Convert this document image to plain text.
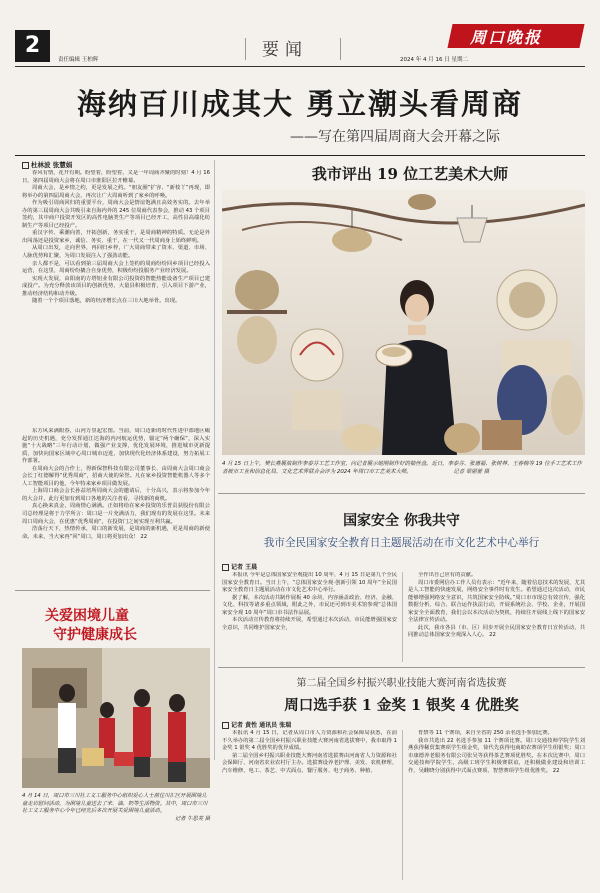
2
责任编辑 王柏辉	要闻	2024 年 4 月 16 日 星期二
周口晚报
海纳百川成其大 勇立潮头看周商
——写在第四届周商大会开幕之际
杜林波 张慧娟

春风有情，花开有期。盼望着，盼望着，又是一年周商齐聚的时刻！4 月 16 日，第四届周商大会将在周口市淮阳区拉开帷幕。

周商大会，是乡情之约，更是发展之约。“朋友圈”扩容、“新枝丫”再现，即将举办的第四届周商大会，再次让广大周商听到了家乡的呼唤。

作为吸引周商回归的重要平台，周商大会是情谊饱满且高效务实的。去年举办的第三届周商大会共吸引来自海内外的 245 位周商代表参会，推动 43 个项目签约，其中商户投资开发区的高性电脑类生产等项目已经开工，高性县高端化纺制生产等项目已经投产。

重汉字传、乘潮向善，开拓创新，务实重干，是周商精神的特质。无论是外出闯荡还是投资家乡，诚信、务实、重干，在一代又一代周商身上始终鲜明。

从周口出发，走向世界，再回归乡梓，广大周商带来了资本、渠道、市场、人脉优势和汇聚，为周口发展注入了强劲动能。

亲人都不是，可以看到第三届周商大会上签约的周商纷纷回乡项目已经投入运营，在这里，周商纷纷撬合自身优势，积极纷纷投服务产业经济发展。

实现大发展，由阳南的方塔铝业有限公司投资的智能热能设备生产项目已建成投产。为充分释放该项目的创新优势，大量县积极培育，引入项目下游产业，推动经济结构和动升级。

随着一个个项目落地，新的经济增长点在三川大地举骨。出现。

东方风来满眼春，山河万里起宏图。当前，周口迈新的时代性进中部地区崛起的历史机遇，充分发挥通江达海的内河航运优势，锚定“两个确保”，深入实施“十大战略”三年行动计划，做强产业支撑，优化发展环境，推进城市更新提质，加快向国家区域中心周口城市迈进，加快现代化经济体系建设，努力拓展工作部署。

在周商大会的合作上，得新保智科技有限公司董事长、由周商大会周口商会会长丁红德解得“优秀周商”，招商大使的荣誉。凡在家乡投资智能机器人等多个人工智能项目的他，今年特来家乡项目做发展。

上海周口商会会长孙益培所周商大会的邀请后，十分高兴，表示将参加今年的大会并，此行更加有到周口各地的关注者看，寻找新的商机。

真心换来真金，周商情心满满。正如将给在家乡投资的乐普贡获股份有限公司总经理是将于力学所言：周口是一片充满活力，我们现有的发展在这里。未来周口周商大会，在优惠“优秀周商“，在投资门之间实现互利共赢。

浩荡行天下，热情传承，周口的新发展，是周商的新机遇，更是周商的新使命。未来，当大家再“回”周口，周口将更加出众！ 22

我市评出 19 位工艺美术大师
4 月 15 日上午，樊长燕展演制作李泰芬工艺工作室，向记者展示她刚制作好的抽丝盘。近日，李泰芬、张德福、张树莽、王春梅等 19 位手工艺术工作者被市工业和信息化局、文化艺术界联合会评为 2024 年周口市工艺美术大师。	记者 梁丽蕾 摄
国家安全 你我共守
我市全民国家安全教育日主题展活动在市文化艺术中心举行
记者 王晨

本报讯 今年是总体国家安全观提出 10 周年，4 月 15 日是第九个全民国家安全教育日。当日上午，“总体国家安全观·创新引领 10 周年”全民国家安全教育日主题展活动在市文化艺术中心举行。

据了解，本次活动共制作展板 40 余块，内容涵盖政治、经济、金融、文化、科技等诸多重点领域，附此之外，市民还可到市美术馆参观“总体国家安全观 10 周年”周口市书法作品展。

本次活动宣传教育将持续开展，希望通过本次活动，市民能增强国家安全意识，共同维护国家安全，

全作出自己应有的贡献。

周口市委网信办工作人员有表示：“近年来，随着信息技术的发展，尤其是人工智能的快速发展，网络安全事件时有发生。希望通过这次活动，市民能够增强网络安全意识，共筑国家安全防线。”周口市市现总有效宣传，强化数据分析、综合、联合运作执法行动，开展系统社会、学校、企业，开展国家安全全面教育，我们会以本次活动为契机，持续往开展线上线下的国家安全法律宣传活动。

此次，我市各县（市、区）同步开展全民国家安全教育日宣传活动，共同推动总体国家安全观深入人心。 22

第二届全国乡村振兴职业技能大赛河南省选拔赛
周口选手获 1 金奖 1 银奖 4 优胜奖
记者 黄性 通讯员 张瑞

本报讯 4 月 15 日，记者从周口市人力资源和社会保障局获悉，在前不久举办的第二届全国乡村振兴职业技能大赛河南省选拔赛中，我市取得 1 金奖 1 银奖 4 优胜奖的优异成绩。

第二届全国乡村振兴职业技能大赛河南省选拔赛由河南省人力资源和社会保障厅、河南省农业农村厅主办。选拔赛设养老护理、美发、农机修理、汽车维修、电工、茶艺、中式面点、餐厅服务、电子商务、种植、

育禁等 11 个赛项，来自全省的 250 余名选手参加比赛。

我市共选出 22 名选手参加 11 个赛项比赛。周口交通技师学院学生刘燕获得稀贸集赛项学生组金奖，徐代先获得电商助农赛项学生组银奖；周口市康德养老服务有限公司张吴等获得茶艺赛项优胜奖。在本次比赛中，周口交通技师学院学生、高级工班学生积极赛联谊，还积极做业建设和培训工作，吴雌晓分别获得中式面点赛项、智慧赛项学生组优胜奖。 22

关爱困境儿童
守护健康成长
4 月 14 日，周口市三川社工义工服务中心组织爱心人士前往川汇区开展困境儿童走访慰问活动，为困境儿童送去了米、油、奶等生活物资。其中，周口市三川社工义工服务中心今年已经先后多次开展关爱困境儿童活动。
记者 牛思芙 摄
